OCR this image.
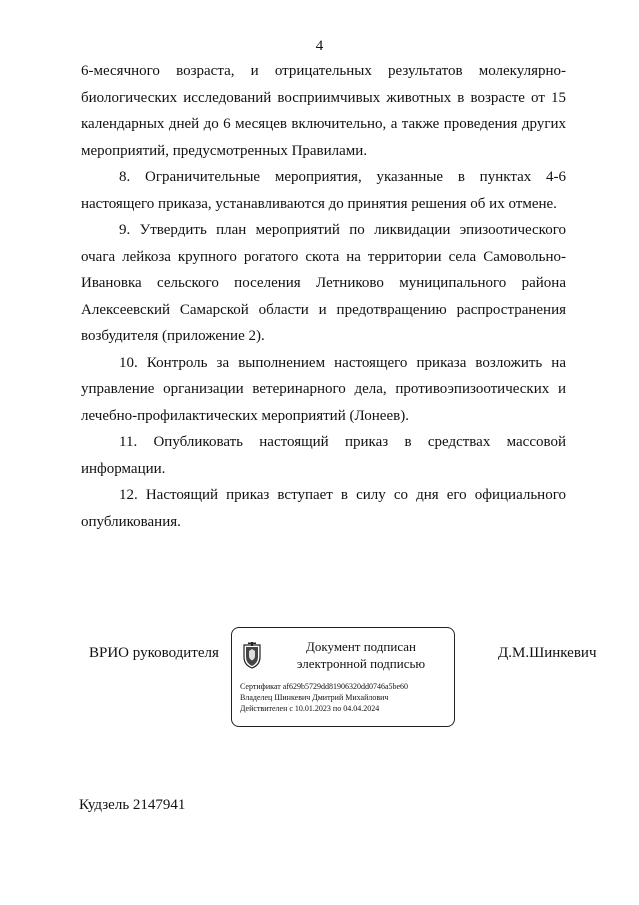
4

6-месячного возраста, и отрицательных результатов молекулярно-биологических исследований восприимчивых животных в возрасте от 15 календарных дней до 6 месяцев включительно, а также проведения других мероприятий, предусмотренных Правилами.

8. Ограничительные мероприятия, указанные в пунктах 4-6 настоящего приказа, устанавливаются до принятия решения об их отмене.

9. Утвердить план мероприятий по ликвидации эпизоотического очага лейкоза крупного рогатого скота на территории села Самовольно-Ивановка сельского поселения Летниково муниципального района Алексеевский Самарской области и предотвращению распространения возбудителя (приложение 2).

10. Контроль за выполнением настоящего приказа возложить на управление организации ветеринарного дела, противоэпизоотических и лечебно-профилактических мероприятий (Лонеев).

11. Опубликовать настоящий приказ в средствах массовой информации.

12. Настоящий приказ вступает в силу со дня его официального опубликования.

ВРИО руководителя	Документ подписан
электронной подписью
Сертификат af629b5729dd81906320dd0746a5be60
Владелец Шинкевич Дмитрий Михайлович
Действителен с 10.01.2023 по 04.04.2024
Д.М.Шинкевич
Кудзель 2147941
